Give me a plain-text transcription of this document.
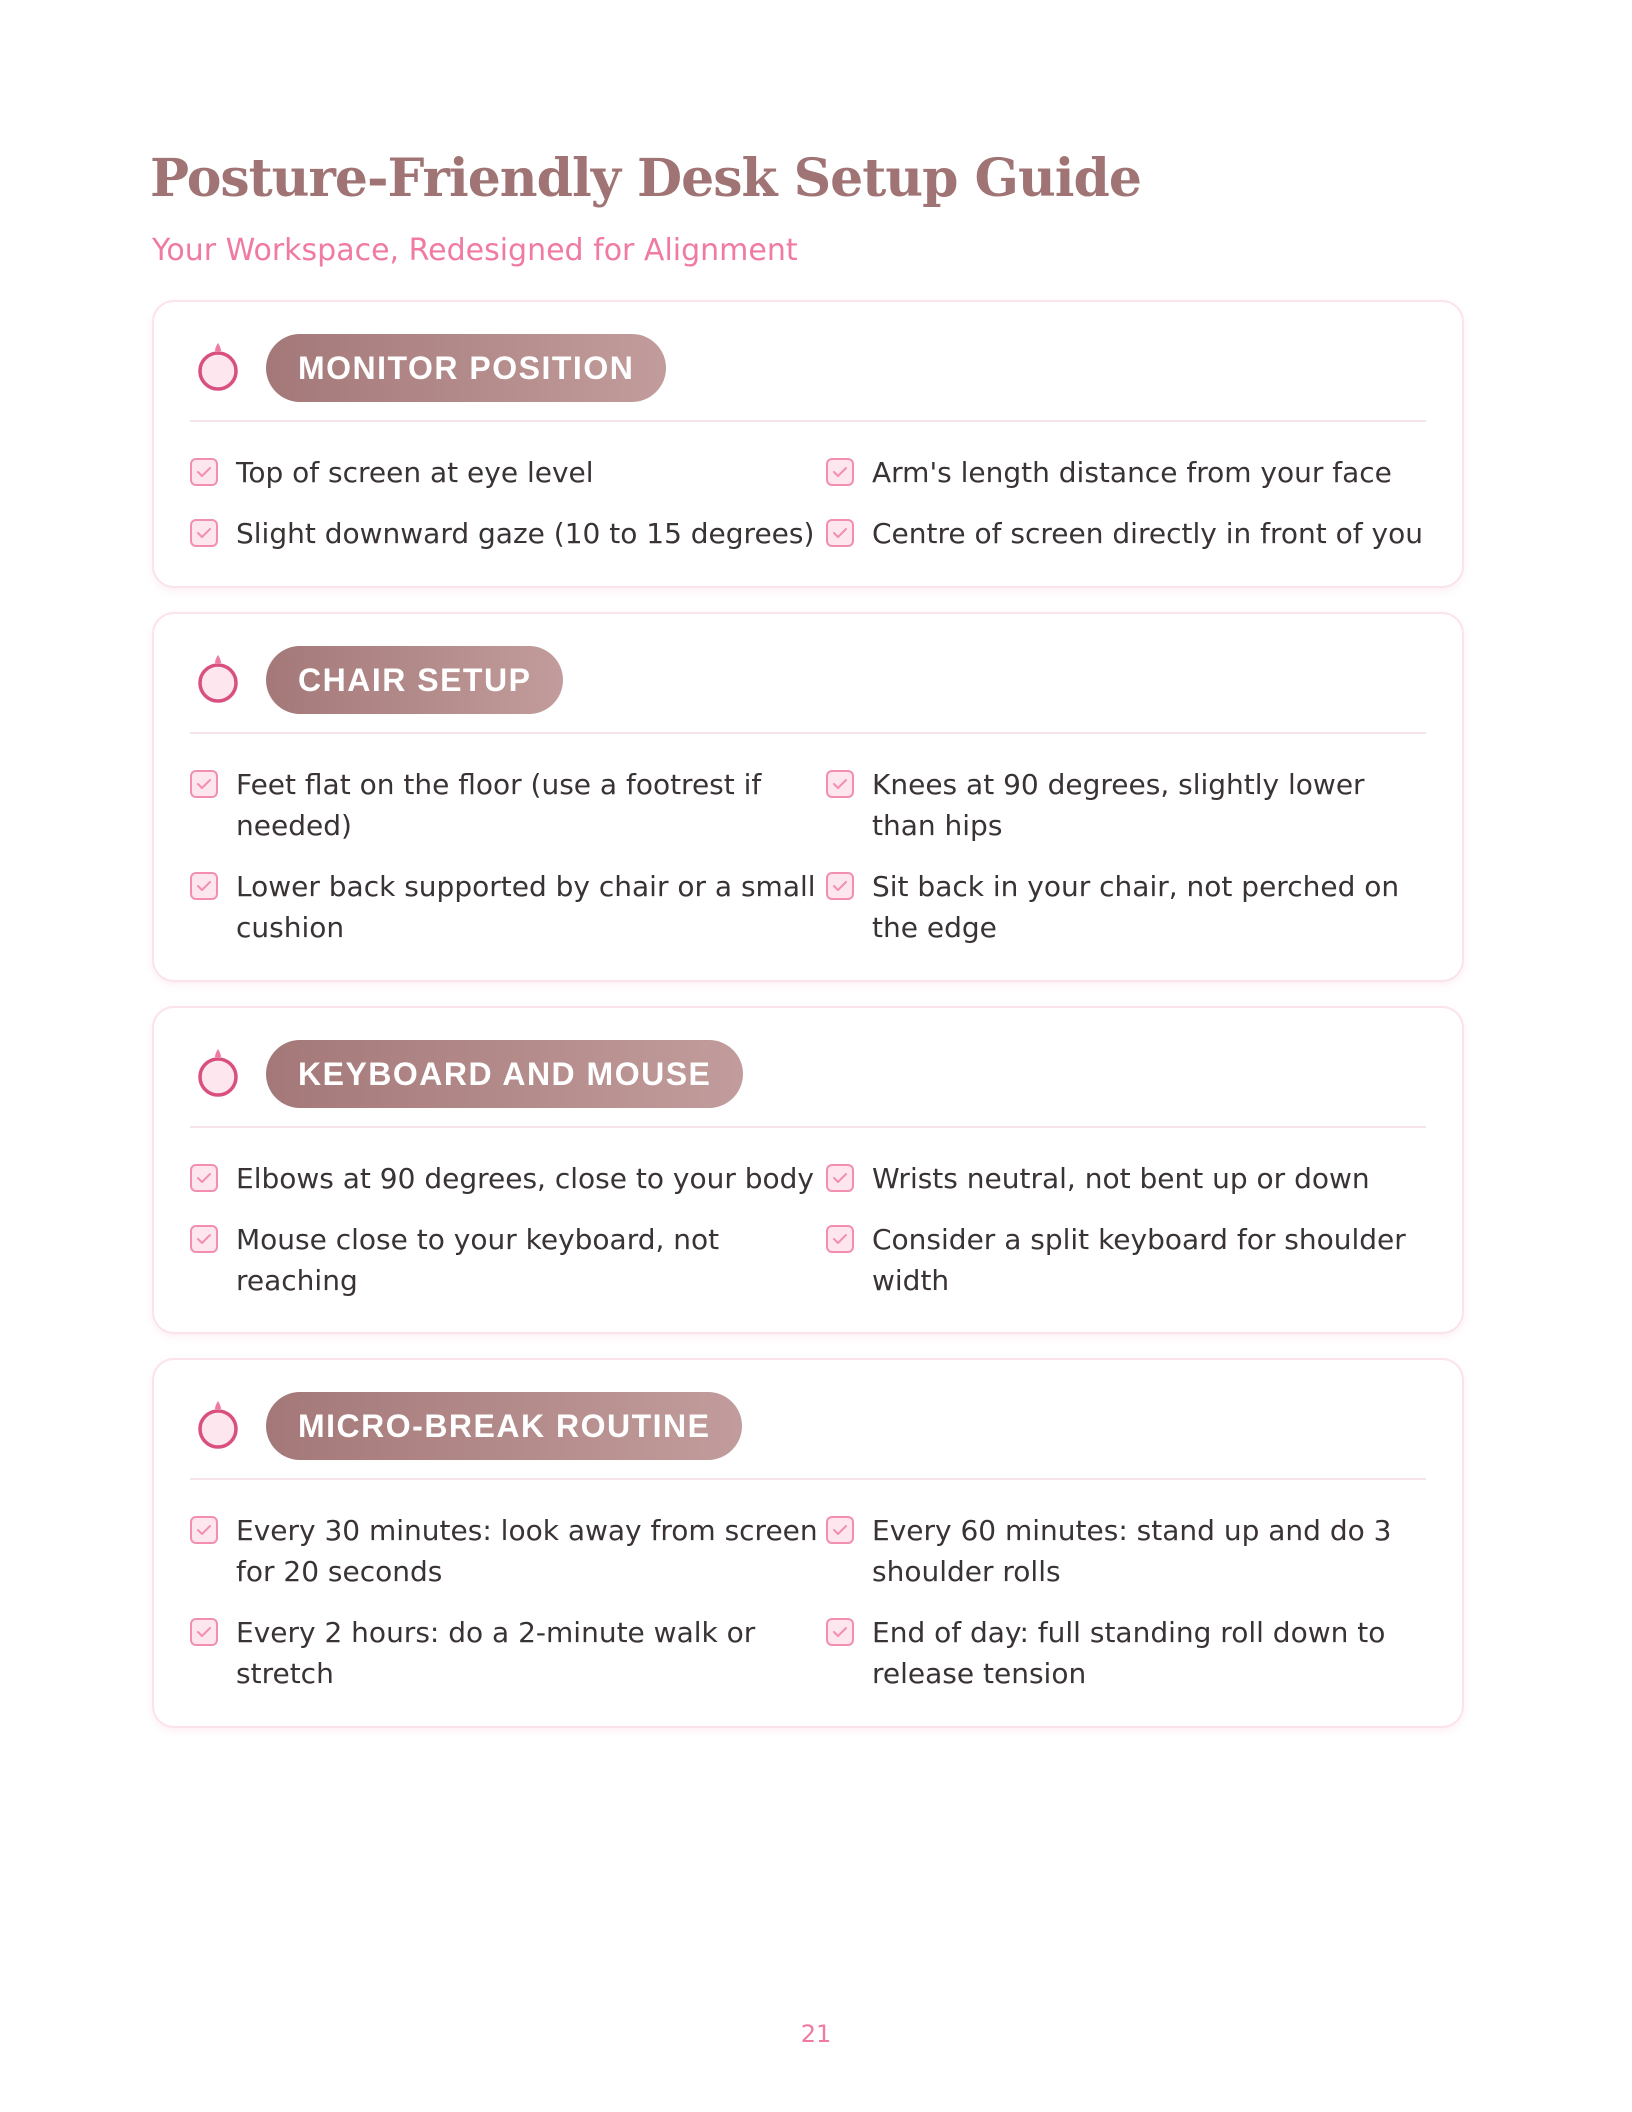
Posture-Friendly Desk Setup Guide

Your Workspace, Redesigned for Alignment

MONITOR POSITION
Top of screen at eye level	Arm's length distance from your face
Slight downward gaze (10 to 15 degrees) Centre of screen directly in front of you
CHAIR SETUP
Feet flat on the floor (use a footrest if needed)
Knees at 90 degrees, slightly lower than hips
Lower back supported by chair or a small cushion
Sit back in your chair, not perched on the edge
KEYBOARD AND MOUSE
Elbows at 90 degrees, close to your body Wrists neutral, not bent up or down
Mouse close to your keyboard, not reaching
Consider a split keyboard for shoulder width
MICRO-BREAK ROUTINE
Every 30 minutes: look away from screen for 20 seconds
Every 60 minutes: stand up and do 3 shoulder rolls
Every 2 hours: do a 2-minute walk or stretch
End of day: full standing roll down to release tension
21
